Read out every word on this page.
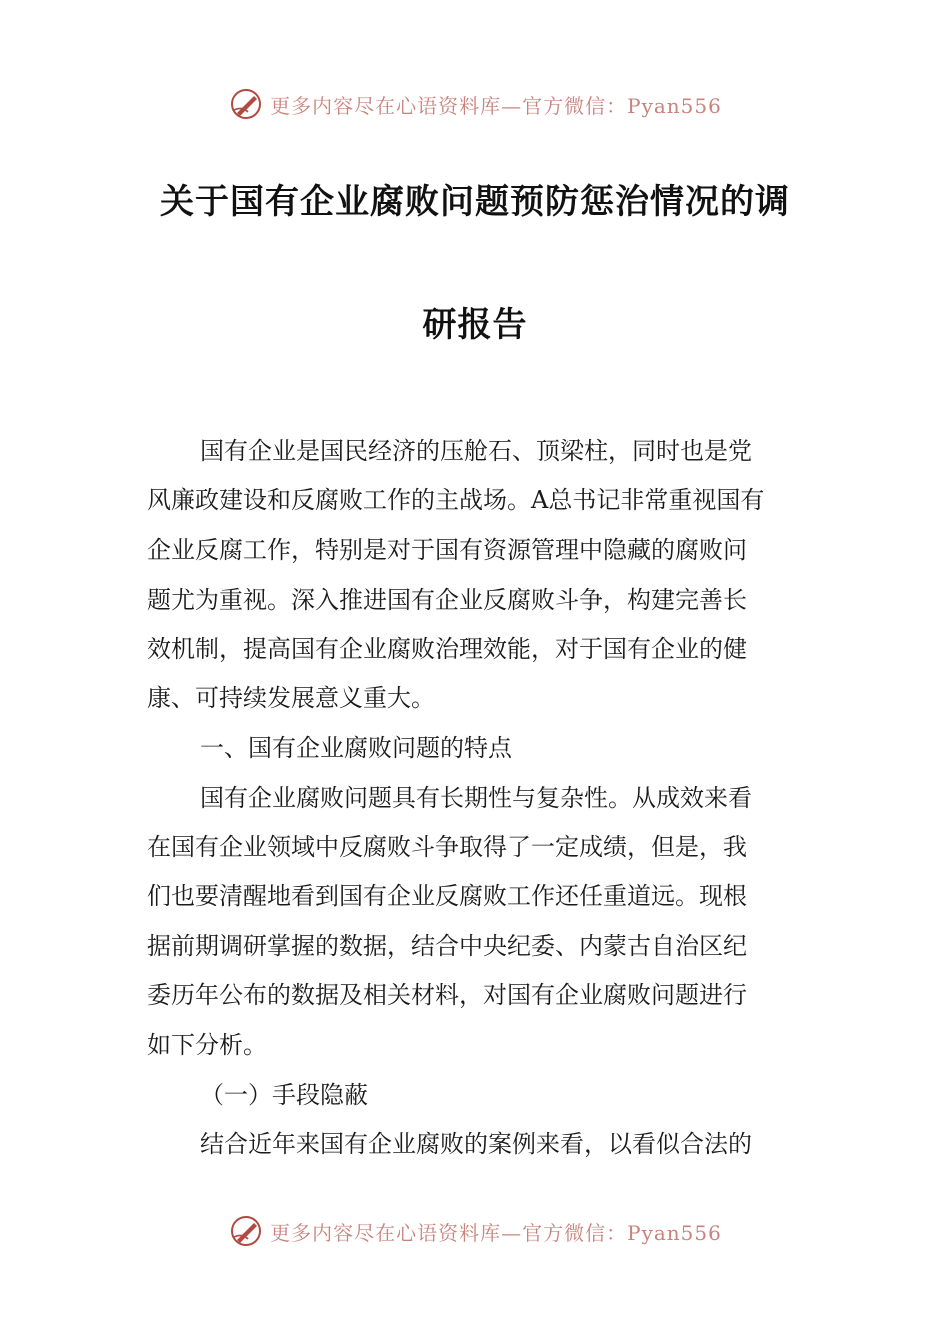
更多内容尽在心语资料库—官方微信：Pyan556
关于国有企业腐败问题预防惩治情况的调
研报告
国有企业是国民经济的压舱石、顶梁柱，同时也是党
风廉政建设和反腐败工作的主战场。A总书记非常重视国有
企业反腐工作，特别是对于国有资源管理中隐藏的腐败问
题尤为重视。深入推进国有企业反腐败斗争，构建完善长
效机制，提高国有企业腐败治理效能，对于国有企业的健
康、可持续发展意义重大。
一、国有企业腐败问题的特点
国有企业腐败问题具有长期性与复杂性。从成效来看
在国有企业领域中反腐败斗争取得了一定成绩，但是，我
们也要清醒地看到国有企业反腐败工作还任重道远。现根
据前期调研掌握的数据，结合中央纪委、内蒙古自治区纪
委历年公布的数据及相关材料，对国有企业腐败问题进行
如下分析。
（一）手段隐蔽
结合近年来国有企业腐败的案例来看，以看似合法的
更多内容尽在心语资料库—官方微信：Pyan556
